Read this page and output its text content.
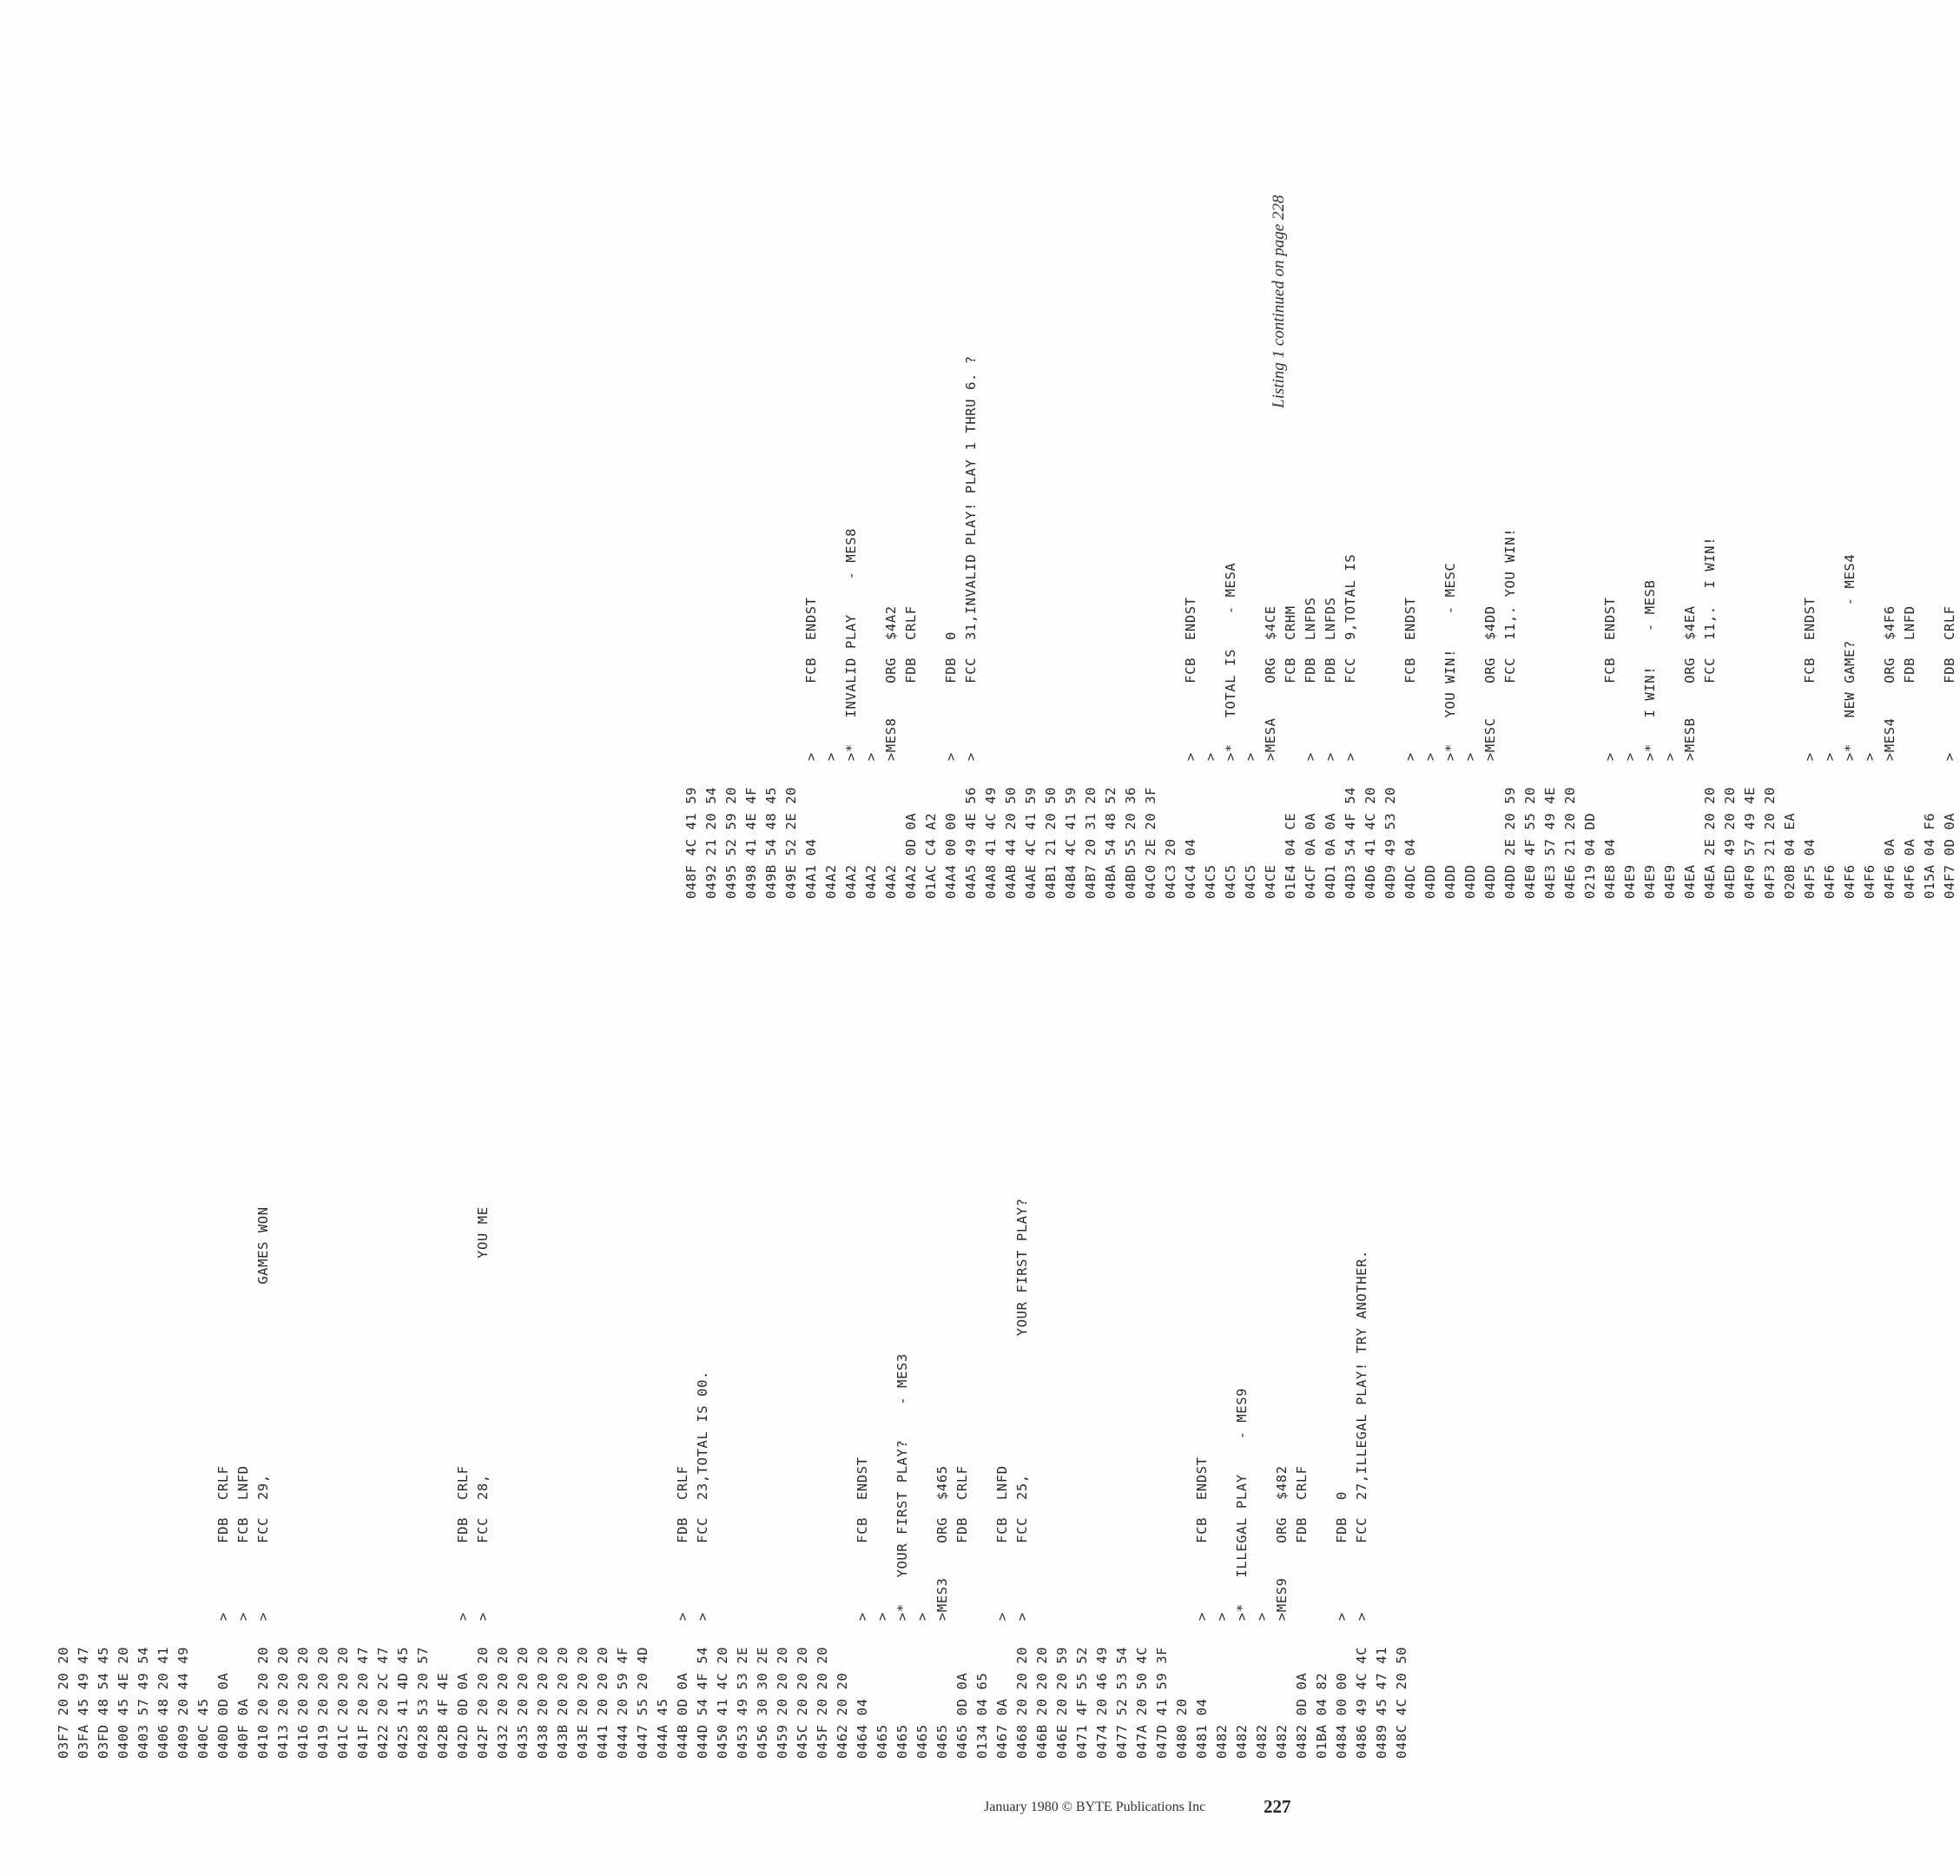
03F7 20 20 20 03FA 45 49 47 03FD 48 54 45 0400 45 4E 20 0403 57 49 54 0406 48 20 41 0409 20 44 49 040C 45 040D 0D 0A      >        FDB  CRLF 040F 0A         >        FCB  LNFD 0410 20 20 20   >        FCC  29,                      GAMES WON 0413 20 20 20 0416 20 20 20 0419 20 20 20 041C 20 20 20 041F 20 20 47 0422 20 2C 47 0425 41 4D 45 0428 53 20 57 042B 4F 4E 042D 0D 0A      >        FDB  CRLF 042F 20 20 20   >        FCC  28,                         YOU ME 0432 20 20 20 0435 20 20 20 0438 20 20 20 043B 20 20 20 043E 20 20 20 0441 20 20 20 0444 20 59 4F 0447 55 20 4D 044A 45 044B 0D 0A      >        FDB  CRLF 044D 54 4F 54   >        FCC  23,TOTAL IS 00. 0450 41 4C 20 0453 49 53 2E 0456 30 30 2E 0459 20 20 20 045C 20 20 20 045F 20 20 20 0462 20 20 0464 04         >        FCB  ENDST 0465            > 0465            >*   YOUR FIRST PLAY?    - MES3 0465            > 0465            >MES3    ORG  $465 0465 0D 0A               FDB  CRLF 0134 04 65 0467 0A         >        FCB  LNFD 0468 20 20 20   >        FCC  25,                YOUR FIRST PLAY? 046B 20 20 20 046E 20 20 59 0471 4F 55 52 0474 20 46 49 0477 52 53 54 047A 20 50 4C 047D 41 59 3F 0480 20 0481 04         >        FCB  ENDST 0482            > 0482            >*   ILLEGAL PLAY    - MES9 0482            > 0482            >MES9    ORG  $482 0482 0D 0A               FDB  CRLF 01BA 04 82 0484 00 00      >        FDB  0 0486 49 4C 4C   >        FCC  27,ILLEGAL PLAY! TRY ANOTHER. 0489 45 47 41 048C 4C 20 50
048F 4C 41 59 0492 21 20 54 0495 52 59 20 0498 41 4E 4F 049B 54 48 45 049E 52 2E 20 04A1 04         >        FCB  ENDST 04A2            > 04A2            >*   INVALID PLAY    - MES8 04A2            > 04A2            >MES8    ORG  $4A2 04A2 0D 0A               FDB  CRLF 01AC C4 A2 04A4 00 00      >        FDB  0 04A5 49 4E 56   >        FCC  31,INVALID PLAY! PLAY 1 THRU 6. ? 04A8 41 4C 49 04AB 44 20 50 04AE 4C 41 59 04B1 21 20 50 04B4 4C 41 59 04B7 20 31 20 04BA 54 48 52 04BD 55 20 36 04C0 2E 20 3F 04C3 20 04C4 04         >        FCB  ENDST 04C5            > 04C5            >*   TOTAL IS    - MESA 04C5            > 04CE            >MESA    ORG  $4CE 01E4 04 CE               FCB  CRHM 04CF 0A 0A      >        FDB  LNFDS 04D1 0A 0A      >        FDB  LNFDS 04D3 54 4F 54   >        FCC  9,TOTAL IS 04D6 41 4C 20 04D9 49 53 20 04DC 04         >        FCB  ENDST 04DD            > 04DD            >*   YOU WIN!    - MESC 04DD            > 04DD            >MESC    ORG  $4DD 04DD 2E 20 59            FCC  11,. YOU WIN! 04E0 4F 55 20 04E3 57 49 4E 04E6 21 20 20 0219 04 DD 04E8 04         >        FCB  ENDST 04E9            > 04E9            >*   I WIN!    - MESB 04E9            > 04EA            >MESB    ORG  $4EA 04EA 2E 20 20            FCC  11,.  I WIN! 04ED 49 20 20 04F0 57 49 4E 04F3 21 20 20 020B 04 EA 04F5 04         >        FCB  ENDST 04F6            > 04F6            >*   NEW GAME?    - MES4 04F6            > 04F6 0A         >MES4    ORG  $4F6 04F6 0A                  FDB  LNFD 015A 04 F6 04F7 0D 0A      >        FDB  CRLF
Listing 1 continued on page 228
January 1980 © BYTE Publications Inc	227
